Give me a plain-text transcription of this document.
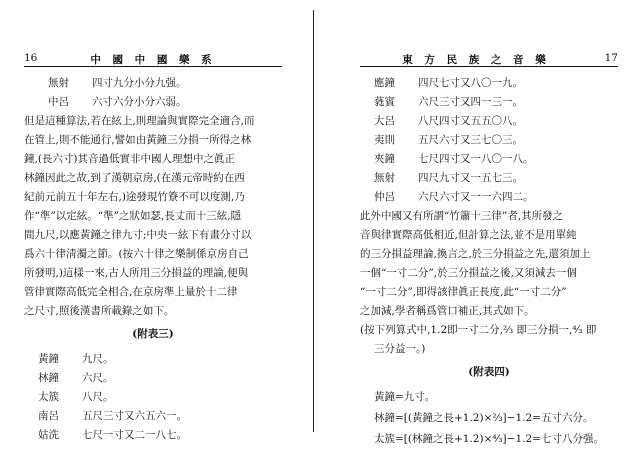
16	中 國 中 國 樂 系
無射	四寸九分小分九强。
中呂	六寸六分小分六弱。
但是這種算法,若在絃上,則理論與實際完全適合,而
在管上,則不能通行,譬如由黃鐘三分損一所得之林
鐘,(長六寸)其音過低實非中國人理想中之眞正
林鐘因此之故,到了漢朝京房,(在漢元帝時約在西
紀前元前五十年左右,)途發現竹簝不可以度測,乃
作“準”以定絃。“準”之狀如瑟,長丈而十三絃,隱
間九尺,以應黃鐘之律九寸;中央一絃下有畫分寸以
爲六十律淸濁之節。(按六十律之樂制係京房自己
所發明,)這樣一來,古人所用三分損益的理論,便與
管律實際高低完全相合,在京房準上量於十二律
之尺寸,照後漢書所載錄之如下。
(附表三)
黃鐘	九尺。
林鐘	六尺。
太簇	八尺。
南呂	五尺三寸又六五六一。
姑洗	七尺一寸又二一八七。
東 方 民 族 之 音 樂	17
應鐘	四尺七寸又八〇一九。
蕤賓	六尺三寸又四一三一。
大呂	八尺四寸又五五〇八。
夷則	五尺六寸又三七〇三。
夾鐘	七尺四寸又一八〇一八。
無射	四尺九寸又一五七三。
仲呂	六尺六寸又一一六四二。
此外中國又有所謂“竹簫十三律”者,其所發之
音與律實際高低相近,但計算之法,並不是用單純
的三分損益理論,換言之,於三分損益之先,還須加上
一個“一寸二分”,於三分損益之後,又須減去一個
“一寸二分”,即得該律眞正長度,此“一寸二分”
之加減,學者稱爲管口補正,其式如下。
(按下列算式中,1.2即一寸二分,⅔ 即三分損一,⁴⁄₃ 即
三分益一。)
(附表四)
黃鐘=九寸。
林鐘=[(黃鐘之長+1.2)×⅔]−1.2=五寸六分。
太簇=[(林鐘之長+1.2)×⁴⁄₃]−1.2=七寸八分强。
